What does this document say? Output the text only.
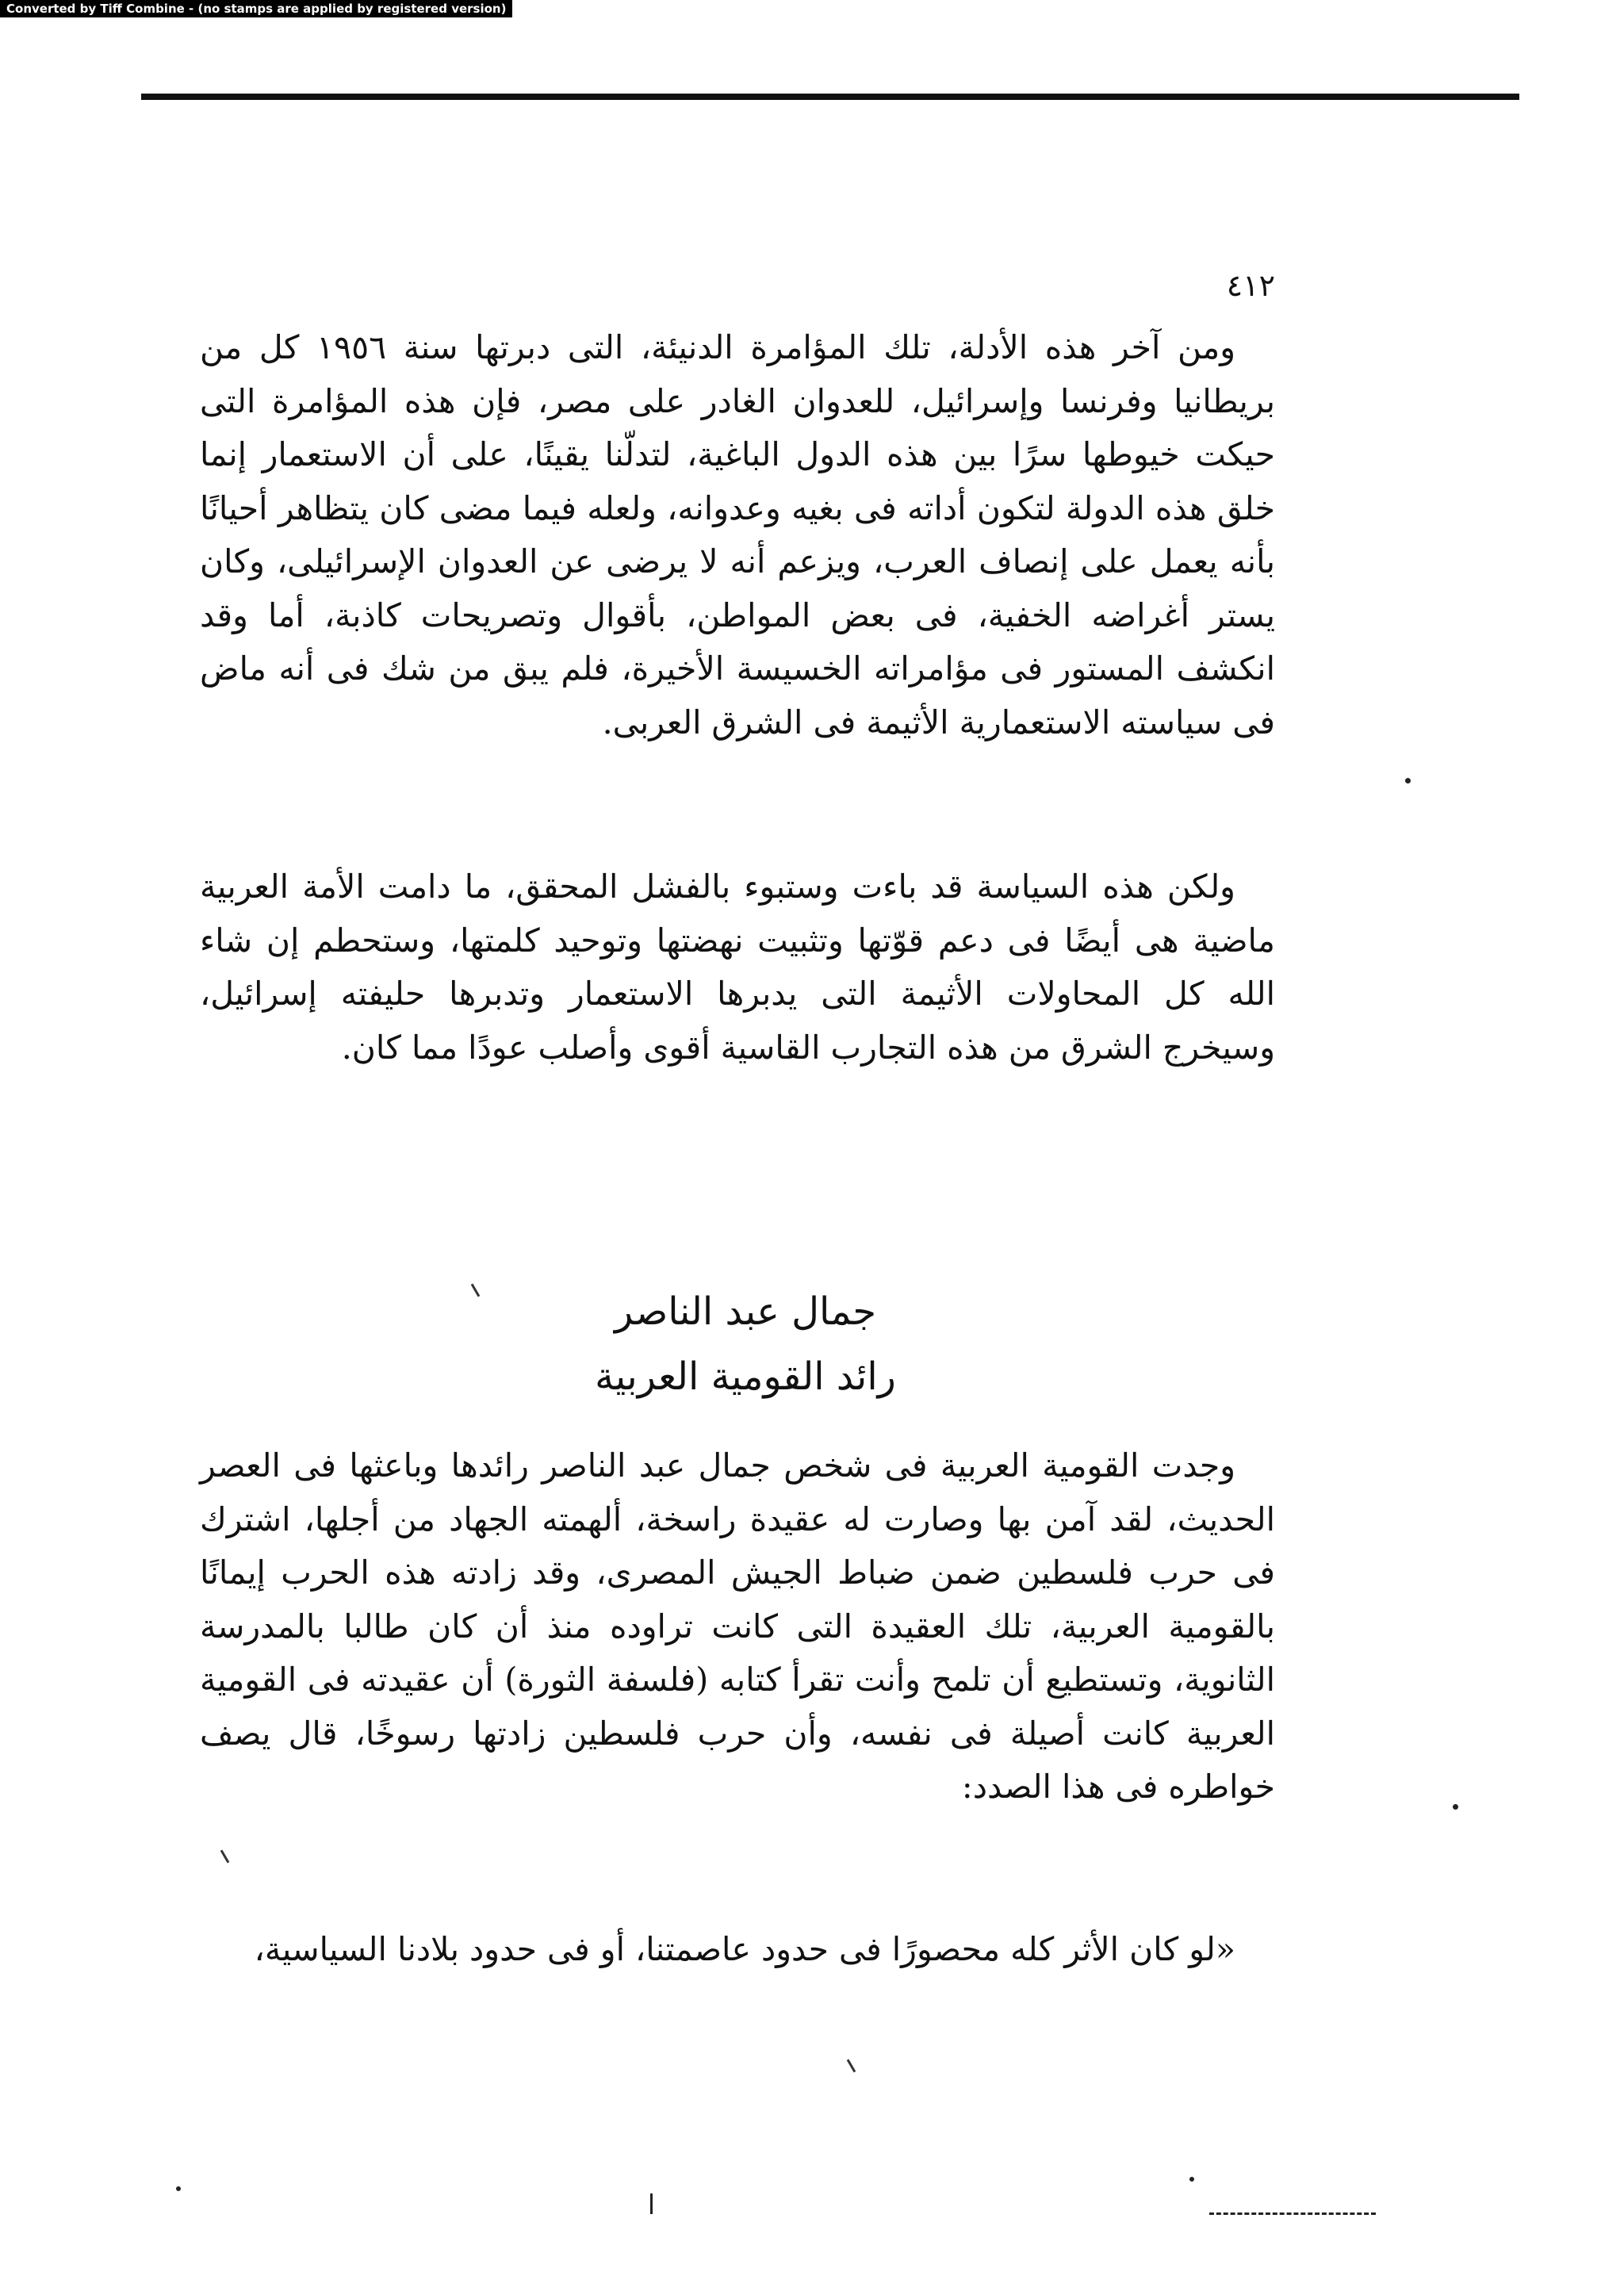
Converted by Tiff Combine - (no stamps are applied by registered version)
٤١٢

ومن آخر هذه الأدلة، تلك المؤامرة الدنيئة، التى دبرتها سنة ١٩٥٦ كل من بريطانيا وفرنسا وإسرائيل، للعدوان الغادر على مصر، فإن هذه المؤامرة التى حيكت خيوطها سرًا بين هذه الدول الباغية، لتدلّنا يقينًا، على أن الاستعمار إنما خلق هذه الدولة لتكون أداته فى بغيه وعدوانه، ولعله فيما مضى كان يتظاهر أحيانًا بأنه يعمل على إنصاف العرب، ويزعم أنه لا يرضى عن العدوان الإسرائيلى، وكان يستر أغراضه الخفية، فى بعض المواطن، بأقوال وتصريحات كاذبة، أما وقد انكشف المستور فى مؤامراته الخسيسة الأخيرة، فلم يبق من شك فى أنه ماض فى سياسته الاستعمارية الأثيمة فى الشرق العربى.

ولكن هذه السياسة قد باءت وستبوء بالفشل المحقق، ما دامت الأمة العربية ماضية هى أيضًا فى دعم قوّتها وتثبيت نهضتها وتوحيد كلمتها، وستحطم إن شاء الله كل المحاولات الأثيمة التى يدبرها الاستعمار وتدبرها حليفته إسرائيل، وسيخرج الشرق من هذه التجارب القاسية أقوى وأصلب عودًا مما كان.

جمال عبد الناصر
رائد القومية العربية

وجدت القومية العربية فى شخص جمال عبد الناصر رائدها وباعثها فى العصر الحديث، لقد آمن بها وصارت له عقيدة راسخة، ألهمته الجهاد من أجلها، اشترك فى حرب فلسطين ضمن ضباط الجيش المصرى، وقد زادته هذه الحرب إيمانًا بالقومية العربية، تلك العقيدة التى كانت تراوده منذ أن كان طالبا بالمدرسة الثانوية، وتستطيع أن تلمح وأنت تقرأ كتابه (فلسفة الثورة) أن عقيدته فى القومية العربية كانت أصيلة فى نفسه، وأن حرب فلسطين زادتها رسوخًا، قال يصف خواطره فى هذا الصدد:

«لو كان الأثر كله محصورًا فى حدود عاصمتنا، أو فى حدود بلادنا السياسية،
